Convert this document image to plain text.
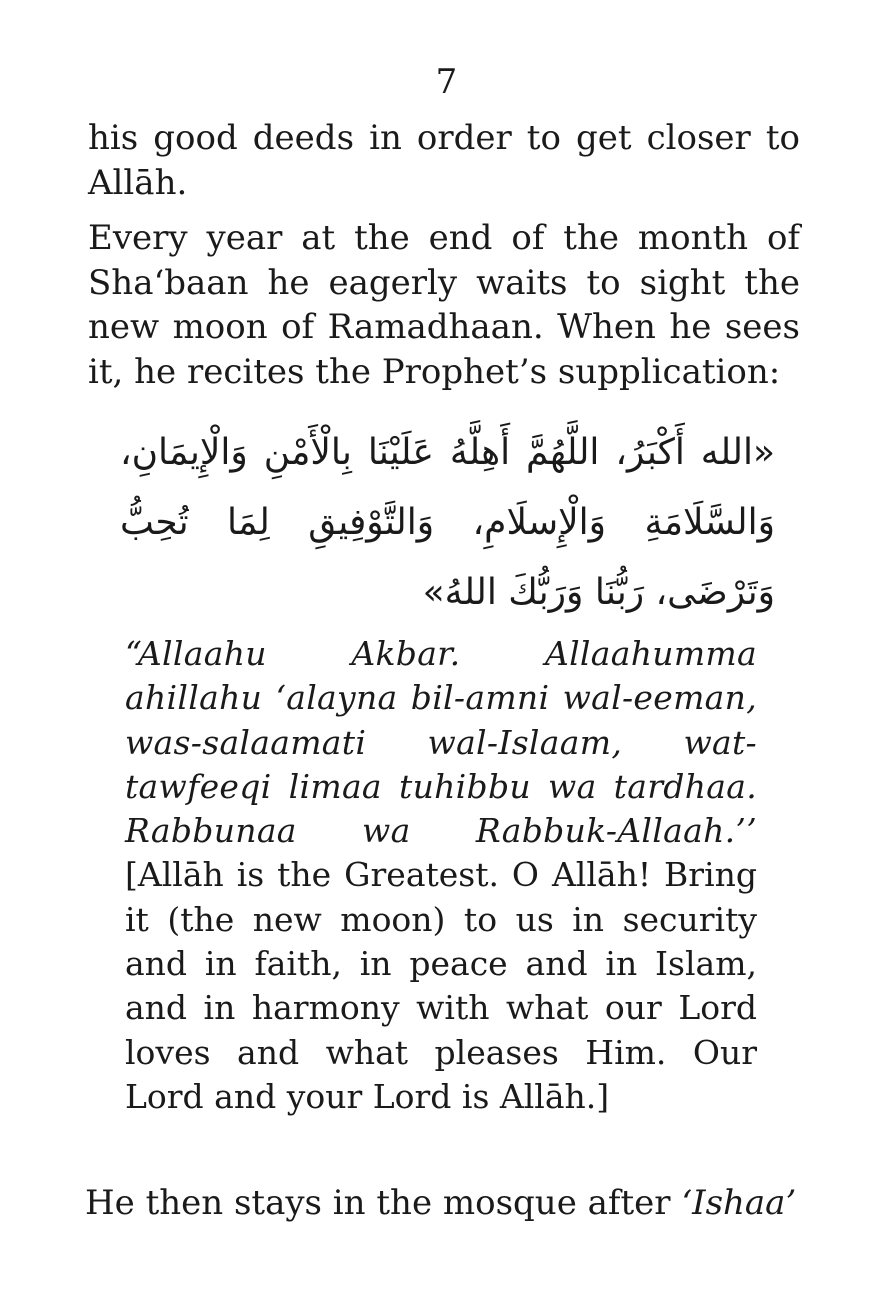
7

his good deeds in order to get closer to Allāh.

Every year at the end of the month of Sha‘baan he eagerly waits to sight the new moon of Ramadhaan. When he sees it, he recites the Prophet’s supplication:

«الله أَكْبَرُ، اللَّهُمَّ أَهِلَّهُ عَلَيْنَا بِالْأَمْنِ وَالْإِيمَانِ، وَالسَّلَامَةِ وَالْإِسلَامِ، وَالتَّوْفِيقِ لِمَا تُحِبُّ وَتَرْضَى، رَبُّنَا وَرَبُّكَ اللهُ»
“Allaahu Akbar. Allaahumma ahillahu ‘alayna bil-amni wal-eeman, was-salaamati wal-Islaam, wat-tawfeeqi limaa tuhibbu wa tardhaa. Rabbunaa wa Rabbuk-Allaah.’’ [Allāh is the Greatest. O Allāh! Bring it (the new moon) to us in security and in faith, in peace and in Islam, and in harmony with what our Lord loves and what pleases Him. Our Lord and your Lord is Allāh.]

He then stays in the mosque after ‘Ishaa’
